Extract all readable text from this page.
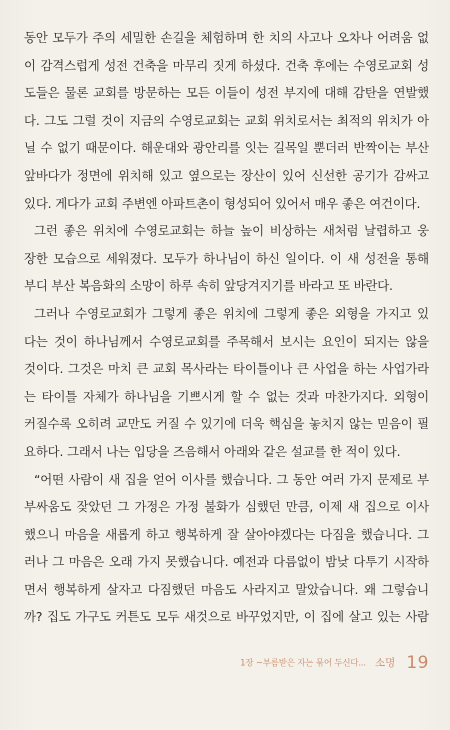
동안 모두가 주의 세밀한 손길을 체험하며 한 치의 사고나 오차나 어려움 없
이 감격스럽게 성전 건축을 마무리 짓게 하셨다. 건축 후에는 수영로교회 성
도들은 물론 교회를 방문하는 모든 이들이 성전 부지에 대해 감탄을 연발했
다. 그도 그럴 것이 지금의 수영로교회는 교회 위치로서는 최적의 위치가 아
닐 수 없기 때문이다. 해운대와 광안리를 잇는 길목일 뿐더러 반짝이는 부산
앞바다가 정면에 위치해 있고 옆으로는 장산이 있어 신선한 공기가 감싸고
있다. 게다가 교회 주변엔 아파트촌이 형성되어 있어서 매우 좋은 여건이다.
그런 좋은 위치에 수영로교회는 하늘 높이 비상하는 새처럼 날렵하고 웅
장한 모습으로 세워졌다. 모두가 하나님이 하신 일이다. 이 새 성전을 통해
부디 부산 복음화의 소망이 하루 속히 앞당겨지기를 바라고 또 바란다.
그러나 수영로교회가 그렇게 좋은 위치에 그렇게 좋은 외형을 가지고 있
다는 것이 하나님께서 수영로교회를 주목해서 보시는 요인이 되지는 않을
것이다. 그것은 마치 큰 교회 목사라는 타이틀이나 큰 사업을 하는 사업가라
는 타이틀 자체가 하나님을 기쁘시게 할 수 없는 것과 마찬가지다. 외형이
커질수록 오히려 교만도 커질 수 있기에 더욱 핵심을 놓치지 않는 믿음이 필
요하다. 그래서 나는 입당을 즈음해서 아래와 같은 설교를 한 적이 있다.
“어떤 사람이 새 집을 얻어 이사를 했습니다. 그 동안 여러 가지 문제로 부
부싸움도 잦았던 그 가정은 가정 불화가 심했던 만큼, 이제 새 집으로 이사
했으니 마음을 새롭게 하고 행복하게 잘 살아야겠다는 다짐을 했습니다. 그
러나 그 마음은 오래 가지 못했습니다. 예전과 다름없이 밤낮 다투기 시작하
면서 행복하게 살자고 다짐했던 마음도 사라지고 말았습니다. 왜 그렇습니
까? 집도 가구도 커튼도 모두 새것으로 바꾸었지만, 이 집에 살고 있는 사람
1장 ~부름받은 자는 묶어 두신다... 소명 19
